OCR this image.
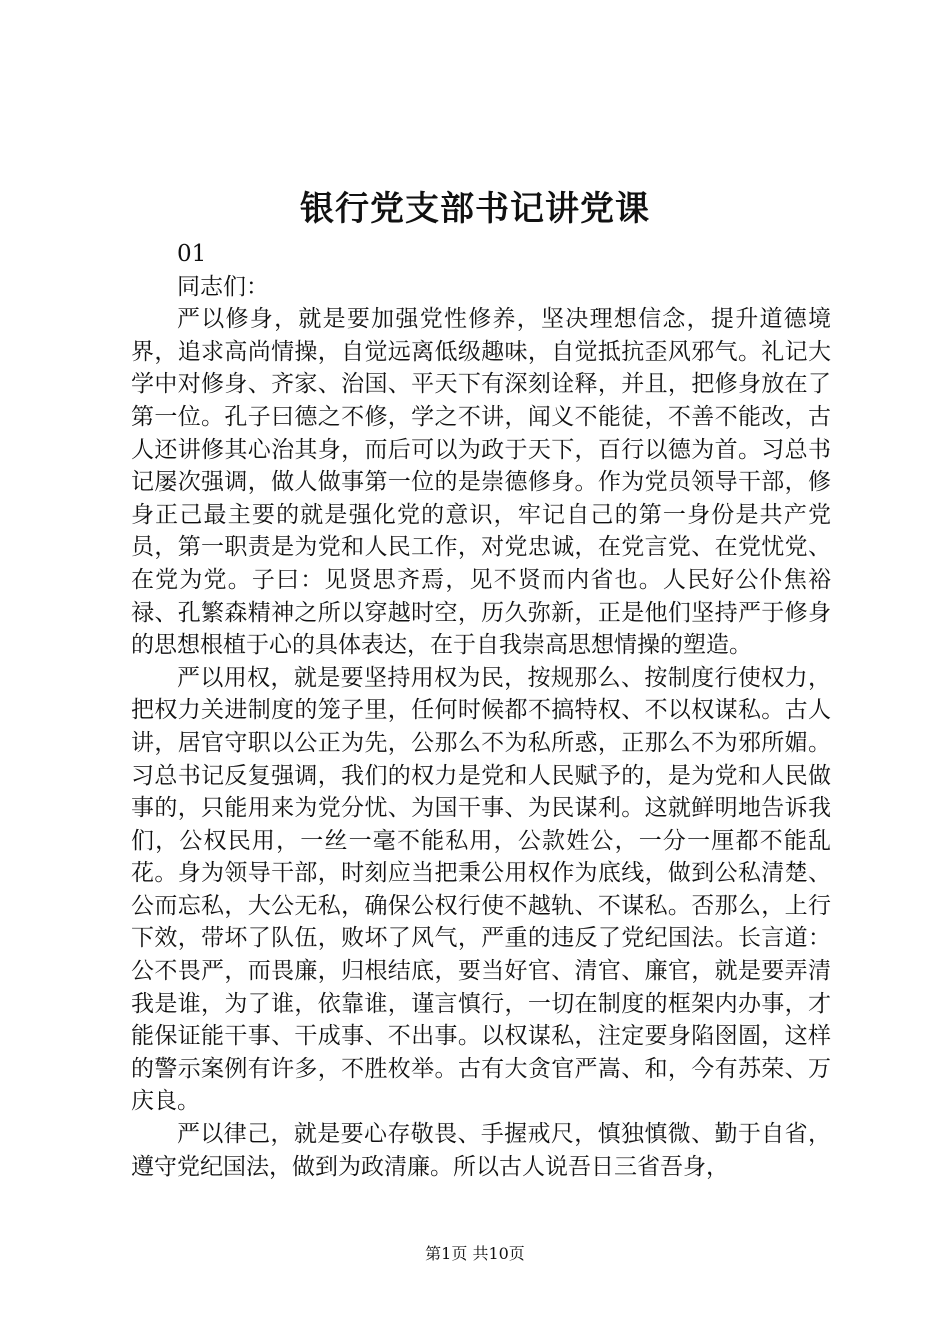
银行党支部书记讲党课

01

同志们：

严以修身，就是要加强党性修养，坚决理想信念，提升道德境界，追求高尚情操，自觉远离低级趣味，自觉抵抗歪风邪气。礼记大学中对修身、齐家、治国、平天下有深刻诠释，并且，把修身放在了第一位。孔子曰德之不修，学之不讲，闻义不能徒，不善不能改，古人还讲修其心治其身，而后可以为政于天下，百行以德为首。习总书记屡次强调，做人做事第一位的是崇德修身。作为党员领导干部，修身正己最主要的就是强化党的意识，牢记自己的第一身份是共产党员，第一职责是为党和人民工作，对党忠诚，在党言党、在党忧党、在党为党。子曰：见贤思齐焉，见不贤而内省也。人民好公仆焦裕禄、孔繁森精神之所以穿越时空，历久弥新，正是他们坚持严于修身的思想根植于心的具体表达，在于自我崇高思想情操的塑造。

严以用权，就是要坚持用权为民，按规那么、按制度行使权力，把权力关进制度的笼子里，任何时候都不搞特权、不以权谋私。古人讲，居官守职以公正为先，公那么不为私所惑，正那么不为邪所媚。习总书记反复强调，我们的权力是党和人民赋予的，是为党和人民做事的，只能用来为党分忧、为国干事、为民谋利。这就鲜明地告诉我们，公权民用，一丝一毫不能私用，公款姓公，一分一厘都不能乱花。身为领导干部，时刻应当把秉公用权作为底线，做到公私清楚、公而忘私，大公无私，确保公权行使不越轨、不谋私。否那么，上行下效，带坏了队伍，败坏了风气，严重的违反了党纪国法。长言道：公不畏严，而畏廉，归根结底，要当好官、清官、廉官，就是要弄清我是谁，为了谁，依靠谁，谨言慎行，一切在制度的框架内办事，才能保证能干事、干成事、不出事。以权谋私，注定要身陷囹圄，这样的警示案例有许多，不胜枚举。古有大贪官严嵩、和，今有苏荣、万庆良。

严以律己，就是要心存敬畏、手握戒尺，慎独慎微、勤于自省，遵守党纪国法，做到为政清廉。所以古人说吾日三省吾身，

第1页 共10页
